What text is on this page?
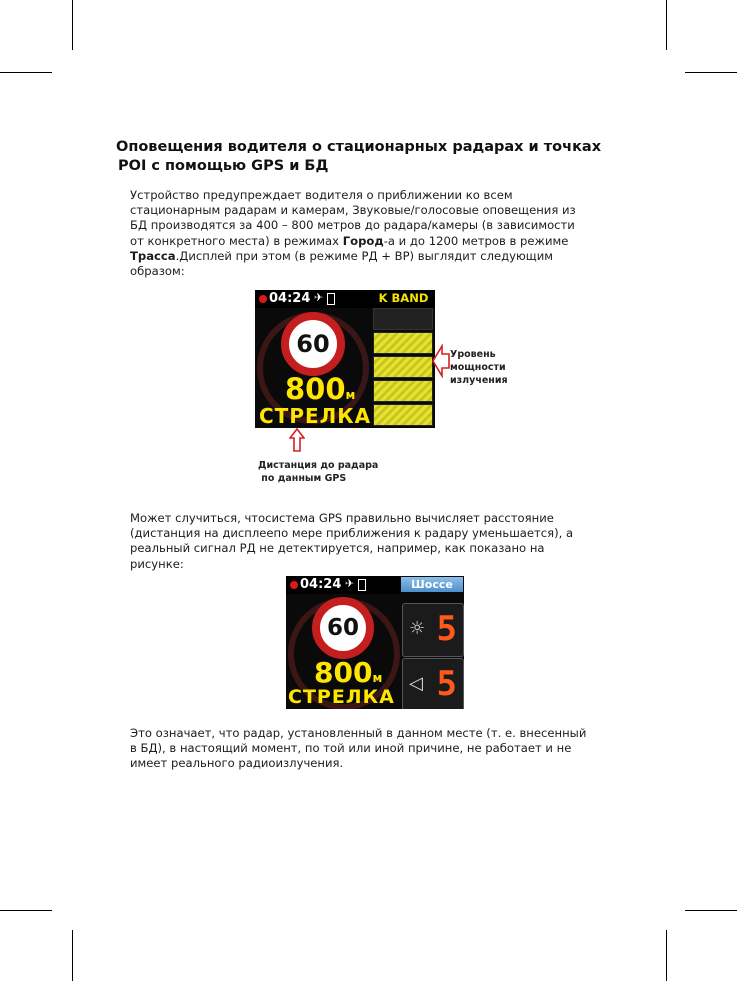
Оповещения водителя о стационарных радарах и точках
POI с помощью GPS и БД
Устройство предупреждает водителя о приближении ко всем
стационарным радарам и камерам, Звуковые/голосовые оповещения из
БД производятся за 400 – 800 метров до радара/камеры (в зависимости
от конкретного места) в режимах Город-а и до 1200 метров в режиме
Трасса.Дисплей при этом (в режиме РД + ВР) выглядит следующим
образом:
04:24 ✈	K BAND
60
800м
СТРЕЛКА
Уровень
мощности
излучения
Дистанция до радара
по данным GPS
Может случиться, чтосистема GPS правильно вычисляет расстояние
(дистанция на дисплеепо мере приближения к радару уменьшается), а
реальный сигнал РД не детектируется, например, как показано на
рисунке:
04:24 ✈	Шоссе
60
800м
СТРЕЛКА
☼ 5
◁ 5
Это означает, что радар, установленный в данном месте (т. е. внесенный
в БД), в настоящий момент, по той или иной причине, не работает и не
имеет реального радиоизлучения.
